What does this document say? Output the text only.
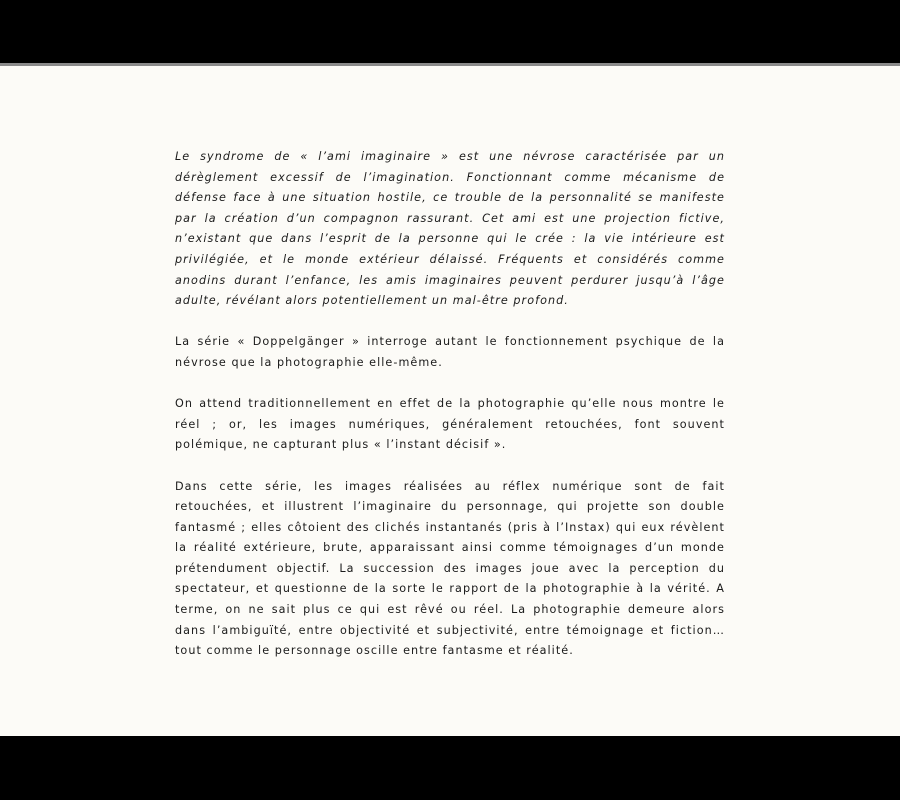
Le syndrome de « l’ami imaginaire » est une névrose caractérisée par un dérèglement excessif de l’imagination. Fonctionnant comme mécanisme de défense face à une situation hostile, ce trouble de la personnalité se manifeste par la création d’un compagnon rassurant. Cet ami est une projection fictive, n’existant que dans l’esprit de la personne qui le crée : la vie intérieure est privilégiée, et le monde extérieur délaissé. Fréquents et considérés comme anodins durant l’enfance, les amis imaginaires peuvent perdurer jusqu’à l’âge adulte, révélant alors potentiellement un mal-être profond.

La série « Doppelgänger » interroge autant le fonctionnement psychique de la névrose que la photographie elle-même.

On attend traditionnellement en effet de la photographie qu’elle nous montre le réel ; or, les images numériques, généralement retouchées, font souvent polémique, ne capturant plus « l’instant décisif ».

Dans cette série, les images réalisées au réflex numérique sont de fait retouchées, et illustrent l’imaginaire du personnage, qui projette son double fantasmé ; elles côtoient des clichés instantanés (pris à l’Instax) qui eux révèlent la réalité extérieure, brute, apparaissant ainsi comme témoignages d’un monde prétendument objectif. La succession des images joue avec la perception du spectateur, et questionne de la sorte le rapport de la photographie à la vérité. A terme, on ne sait plus ce qui est rêvé ou réel. La photographie demeure alors dans l’ambiguïté, entre objectivité et subjectivité, entre témoignage et fiction… tout comme le personnage oscille entre fantasme et réalité.
